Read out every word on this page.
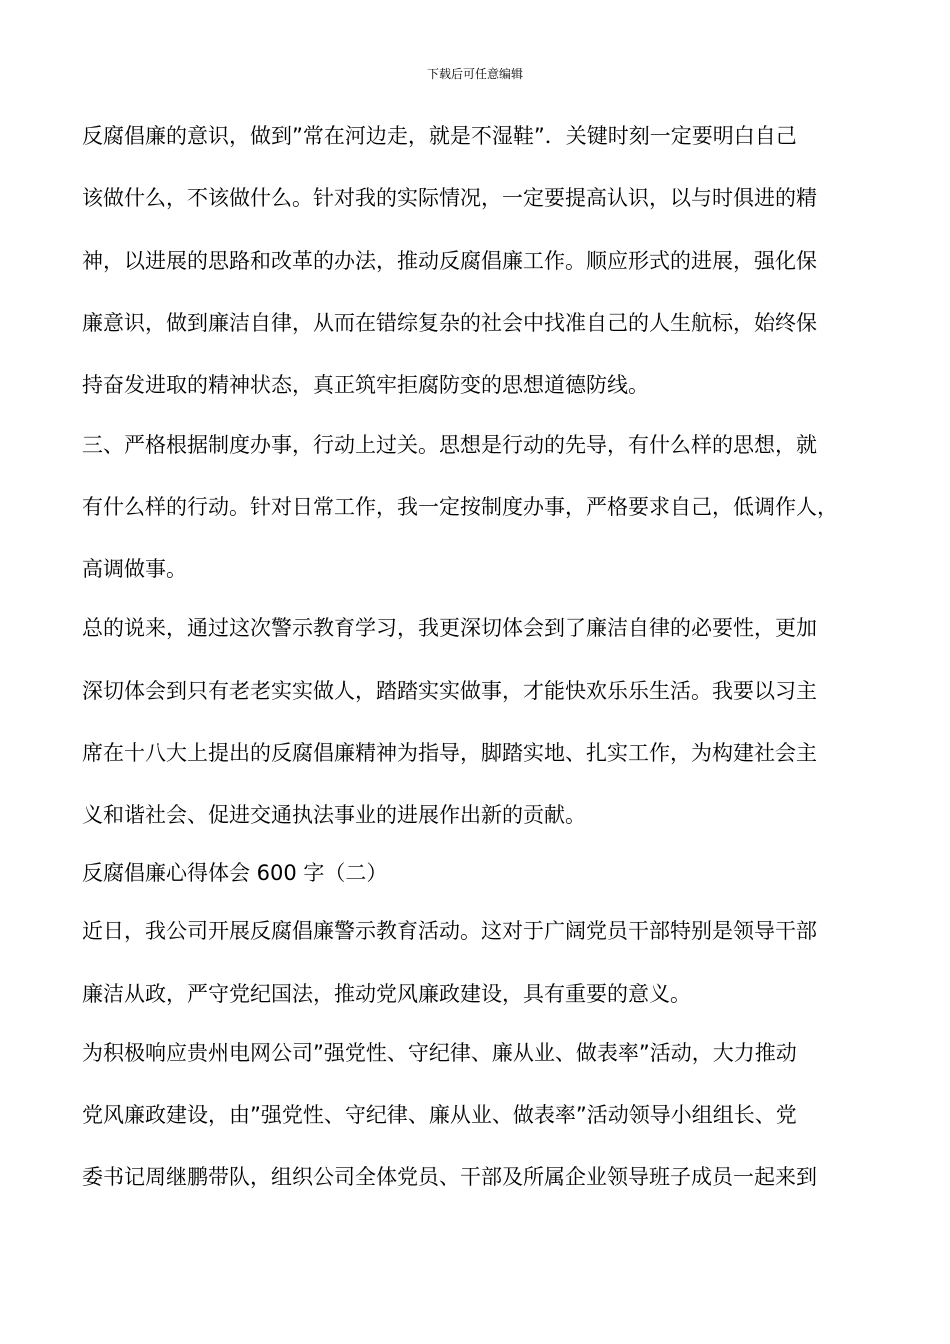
下载后可任意编辑
反腐倡廉的意识，做到”常在河边走，就是不湿鞋”．关键时刻一定要明白自己
该做什么，不该做什么。针对我的实际情况，一定要提高认识，以与时俱进的精
神，以进展的思路和改革的办法，推动反腐倡廉工作。顺应形式的进展，强化保
廉意识，做到廉洁自律，从而在错综复杂的社会中找准自己的人生航标，始终保
持奋发进取的精神状态，真正筑牢拒腐防变的思想道德防线。
三、严格根据制度办事，行动上过关。思想是行动的先导，有什么样的思想，就
有什么样的行动。针对日常工作，我一定按制度办事，严格要求自己，低调作人，
高调做事。
总的说来，通过这次警示教育学习，我更深切体会到了廉洁自律的必要性，更加
深切体会到只有老老实实做人，踏踏实实做事，才能快欢乐乐生活。我要以习主
席在十八大上提出的反腐倡廉精神为指导，脚踏实地、扎实工作，为构建社会主
义和谐社会、促进交通执法事业的进展作出新的贡献。
反腐倡廉心得体会 600 字（二）
近日，我公司开展反腐倡廉警示教育活动。这对于广阔党员干部特别是领导干部
廉洁从政，严守党纪国法，推动党风廉政建设，具有重要的意义。
为积极响应贵州电网公司”强党性、守纪律、廉从业、做表率”活动，大力推动
党风廉政建设，由”强党性、守纪律、廉从业、做表率”活动领导小组组长、党
委书记周继鹏带队，组织公司全体党员、干部及所属企业领导班子成员一起来到
